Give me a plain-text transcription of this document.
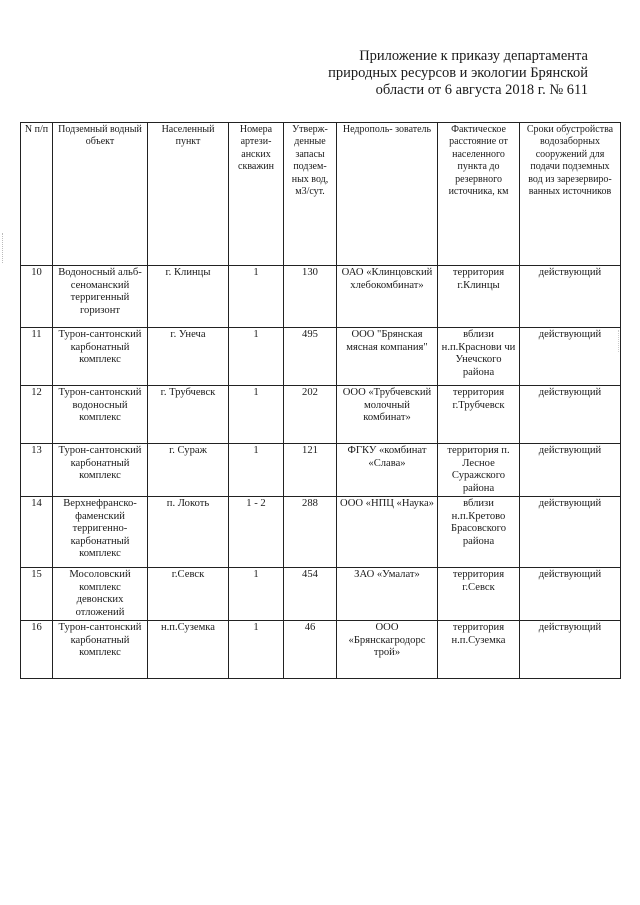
Приложение к приказу департамента
природных ресурсов и экологии Брянской
области от 6 августа 2018 г. № 611
N п/п	Подземный водный объект	Населенный пункт	Номера артези- анских скважин	Утверж- денные запасы подзем- ных вод, м3/сут.	Недрополь- зователь	Фактическое расстояние от населенного пункта до резервного источника, км	Сроки обустройства водозаборных сооружений для подачи подземных вод из зарезервиро- ванных источников
10	Водоносный альб-сеноманский терригенный горизонт	г. Клинцы	1	130	ОАО «Клинцовский хлебокомбинат»	территория г.Клинцы	действующий
11	Турон-сантонский карбонатный комплекс	г. Унеча	1	495	ООО "Брянская мясная компания"	вблизи н.п.Краснови чи Унечского района	действующий
12	Турон-сантонский водоносный комплекс	г. Трубчевск	1	202	ООО «Трубчевский молочный комбинат»	территория г.Трубчевск	действующий
13	Турон-сантонский карбонатный комплекс	г. Сураж	1	121	ФГКУ «комбинат «Слава»	территория п. Лесное Суражского района	действующий
14	Верхнефранско-фаменский терригенно-карбонатный комплекс	п. Локоть	1 - 2	288	ООО «НПЦ «Наука»	вблизи н.п.Кретово Брасовского района	действующий
15	Мосоловский комплекс девонских отложений	г.Севск	1	454	ЗАО «Умалат»	территория г.Севск	действующий
16	Турон-сантонский карбонатный комплекс	н.п.Суземка	1	46	ООО «Брянскагродорс трой»	территория н.п.Суземка	действующий
